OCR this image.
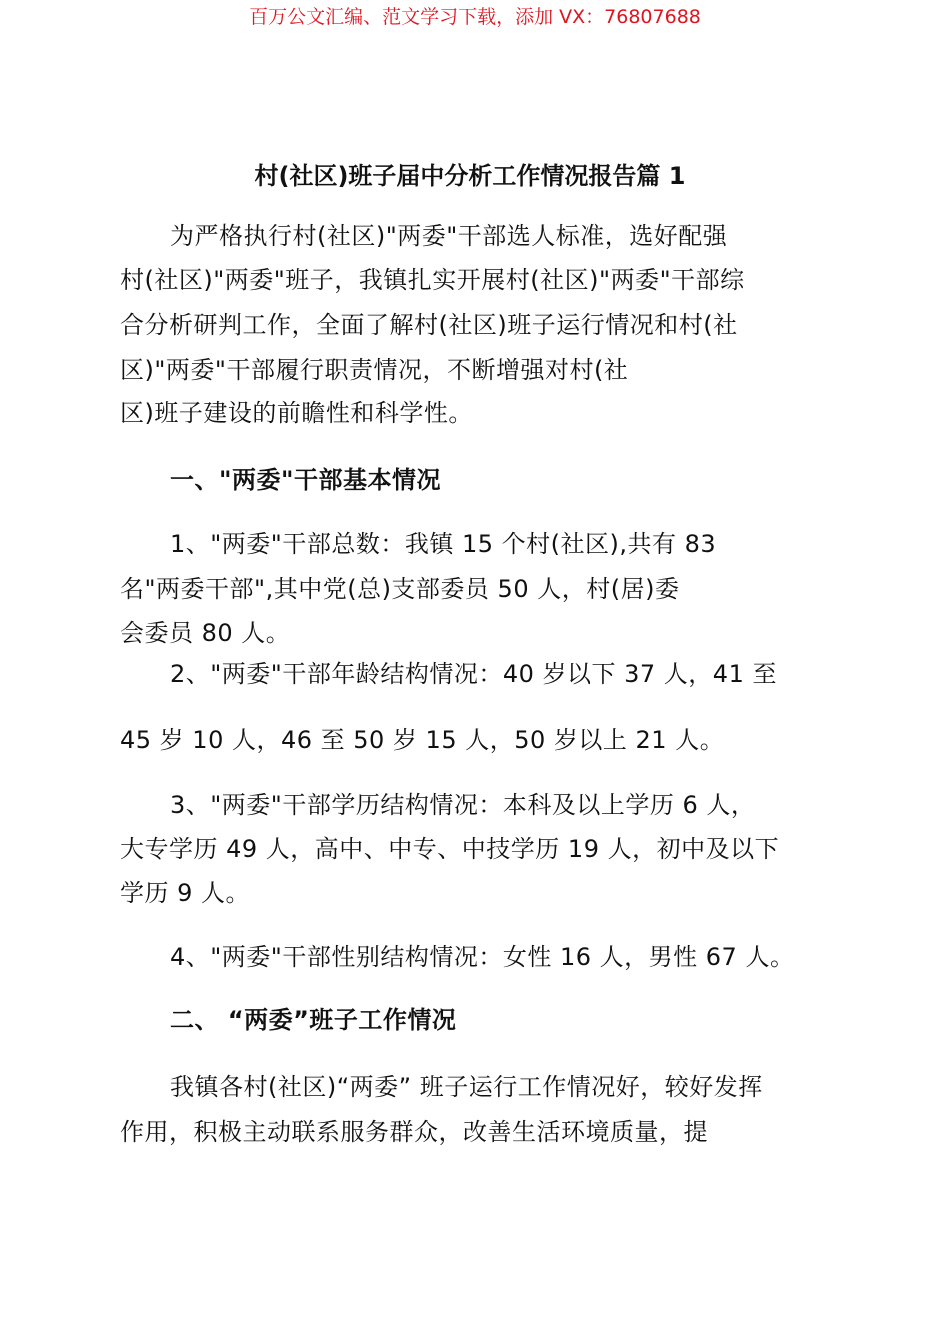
百万公文汇编、范文学习下载，添加 VX：76807688
村(社区)班子届中分析工作情况报告篇 1
为严格执行村(社区)"两委"干部选人标准，选好配强
村(社区)"两委"班子，我镇扎实开展村(社区)"两委"干部综
合分析研判工作，全面了解村(社区)班子运行情况和村(社
区)"两委"干部履行职责情况，不断增强对村(社
区)班子建设的前瞻性和科学性。
一、"两委"干部基本情况
1、"两委"干部总数：我镇 15 个村(社区),共有 83
名"两委干部",其中党(总)支部委员 50 人，村(居)委
会委员 80 人。
2、"两委"干部年龄结构情况：40 岁以下 37 人，41 至
45 岁 10 人，46 至 50 岁 15 人，50 岁以上 21 人。
3、"两委"干部学历结构情况：本科及以上学历 6 人，
大专学历 49 人，高中、中专、中技学历 19 人，初中及以下
学历 9 人。
4、"两委"干部性别结构情况：女性 16 人，男性 67 人。
二、 “两委”班子工作情况
我镇各村(社区)“两委” 班子运行工作情况好，较好发挥
作用，积极主动联系服务群众，改善生活环境质量，提
